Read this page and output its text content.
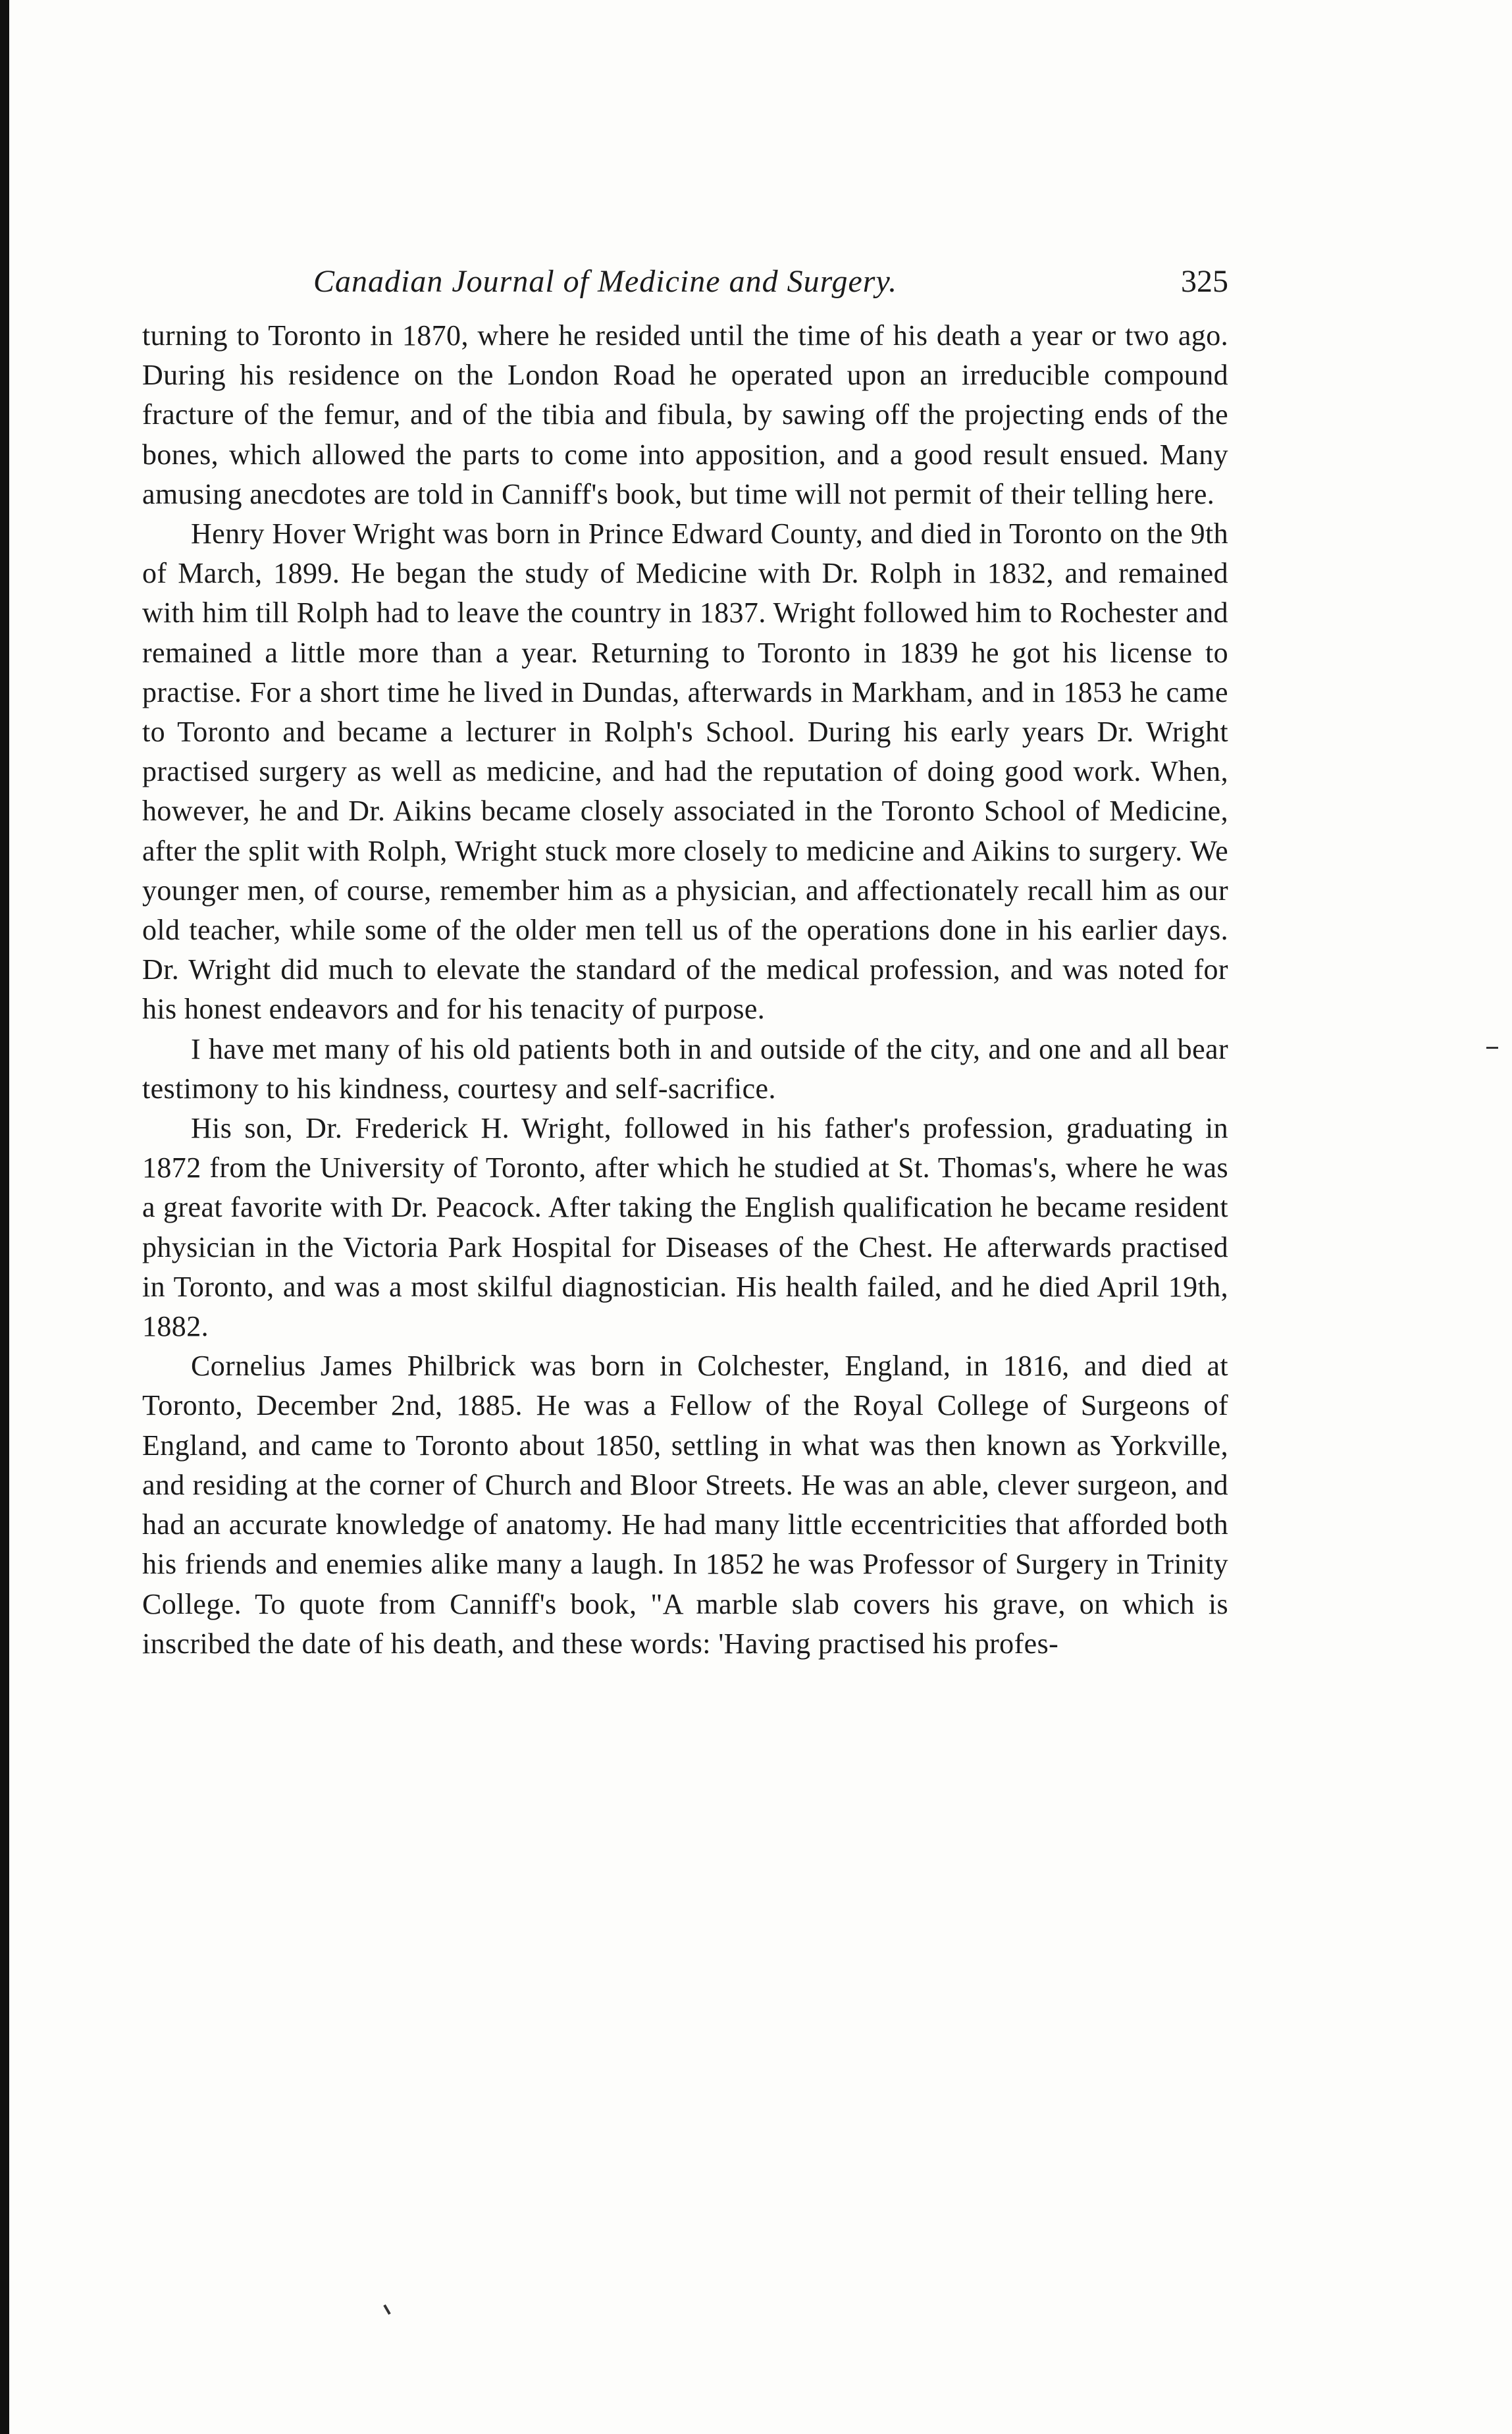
Canadian Journal of Medicine and Surgery.	325

turning to Toronto in 1870, where he resided until the time of his death a year or two ago. During his residence on the London Road he operated upon an irreducible compound fracture of the femur, and of the tibia and fibula, by sawing off the projecting ends of the bones, which allowed the parts to come into apposition, and a good result ensued. Many amusing anecdotes are told in Canniff's book, but time will not permit of their telling here.

Henry Hover Wright was born in Prince Edward County, and died in Toronto on the 9th of March, 1899. He began the study of Medicine with Dr. Rolph in 1832, and remained with him till Rolph had to leave the country in 1837. Wright followed him to Rochester and remained a little more than a year. Returning to Toronto in 1839 he got his license to practise. For a short time he lived in Dundas, afterwards in Markham, and in 1853 he came to Toronto and became a lecturer in Rolph's School. During his early years Dr. Wright practised surgery as well as medicine, and had the reputation of doing good work. When, however, he and Dr. Aikins became closely associated in the Toronto School of Medicine, after the split with Rolph, Wright stuck more closely to medicine and Aikins to surgery. We younger men, of course, remember him as a physician, and affectionately recall him as our old teacher, while some of the older men tell us of the operations done in his earlier days. Dr. Wright did much to elevate the standard of the medical profession, and was noted for his honest endeavors and for his tenacity of purpose.

I have met many of his old patients both in and outside of the city, and one and all bear testimony to his kindness, courtesy and self-sacrifice.

His son, Dr. Frederick H. Wright, followed in his father's profession, graduating in 1872 from the University of Toronto, after which he studied at St. Thomas's, where he was a great favorite with Dr. Peacock. After taking the English qualification he became resident physician in the Victoria Park Hospital for Diseases of the Chest. He afterwards practised in Toronto, and was a most skilful diagnostician. His health failed, and he died April 19th, 1882.

Cornelius James Philbrick was born in Colchester, England, in 1816, and died at Toronto, December 2nd, 1885. He was a Fellow of the Royal College of Surgeons of England, and came to Toronto about 1850, settling in what was then known as Yorkville, and residing at the corner of Church and Bloor Streets. He was an able, clever surgeon, and had an accurate knowledge of anatomy. He had many little eccentricities that afforded both his friends and enemies alike many a laugh. In 1852 he was Professor of Surgery in Trinity College. To quote from Canniff's book, "A marble slab covers his grave, on which is inscribed the date of his death, and these words: 'Having practised his profes-
